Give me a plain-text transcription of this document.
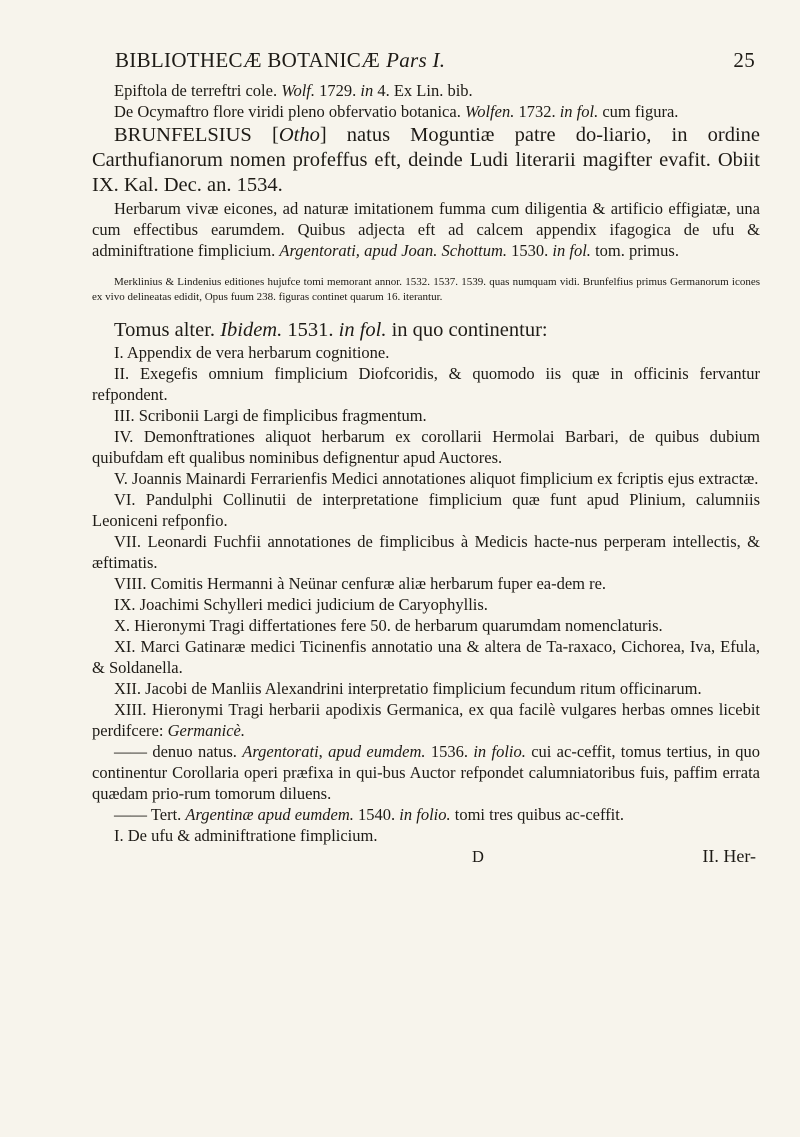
BIBLIOTHECÆ BOTANICÆ Pars I.	25

Epiftola de terreftri cole. Wolf. 1729. in 4. Ex Lin. bib.

De Ocymaftro flore viridi pleno obfervatio botanica. Wolfen. 1732. in fol. cum figura.

BRUNFELSIUS [Otho] natus Moguntiæ patre do-liario, in ordine Carthufianorum nomen profeffus eft, deinde Ludi literarii magifter evafit. Obiit IX. Kal. Dec. an. 1534.

Herbarum vivæ eicones, ad naturæ imitationem fumma cum diligentia & artificio effigiatæ, una cum effectibus earumdem. Quibus adjecta eft ad calcem appendix ifagogica de ufu & adminiftratione fimplicium. Argentorati, apud Joan. Schottum. 1530. in fol. tom. primus.

Merklinius & Lindenius editiones hujufce tomi memorant annor. 1532. 1537. 1539. quas numquam vidi. Brunfelfius primus Germanorum icones ex vivo delineatas edidit, Opus fuum 238. figuras continet quarum 16. iterantur.

Tomus alter. Ibidem. 1531. in fol. in quo continentur:

I. Appendix de vera herbarum cognitione.

II. Exegefis omnium fimplicium Diofcoridis, & quomodo iis quæ in officinis fervantur refpondent.

III. Scribonii Largi de fimplicibus fragmentum.

IV. Demonftrationes aliquot herbarum ex corollarii Hermolai Barbari, de quibus dubium quibufdam eft qualibus nominibus defignentur apud Auctores.

V. Joannis Mainardi Ferrarienfis Medici annotationes aliquot fimplicium ex fcriptis ejus extractæ.

VI. Pandulphi Collinutii de interpretatione fimplicium quæ funt apud Plinium, calumniis Leoniceni refponfio.

VII. Leonardi Fuchfii annotationes de fimplicibus à Medicis hacte-nus perperam intellectis, & æftimatis.

VIII. Comitis Hermanni à Neünar cenfuræ aliæ herbarum fuper ea-dem re.

IX. Joachimi Schylleri medici judicium de Caryophyllis.

X. Hieronymi Tragi differtationes fere 50. de herbarum quarumdam nomenclaturis.

XI. Marci Gatinaræ medici Ticinenfis annotatio una & altera de Ta-raxaco, Cichorea, Iva, Efula, & Soldanella.

XII. Jacobi de Manliis Alexandrini interpretatio fimplicium fecundum ritum officinarum.

XIII. Hieronymi Tragi herbarii apodixis Germanica, ex qua facilè vulgares herbas omnes licebit perdifcere: Germanicè.

—— denuo natus. Argentorati, apud eumdem. 1536. in folio. cui ac-ceffit, tomus tertius, in quo continentur Corollaria operi præfixa in qui-bus Auctor refpondet calumniatoribus fuis, paffim errata quædam prio-rum tomorum diluens.

—— Tert. Argentinæ apud eumdem. 1540. in folio. tomi tres quibus ac-ceffit.

I. De ufu & adminiftratione fimplicium.

D	II. Her-
